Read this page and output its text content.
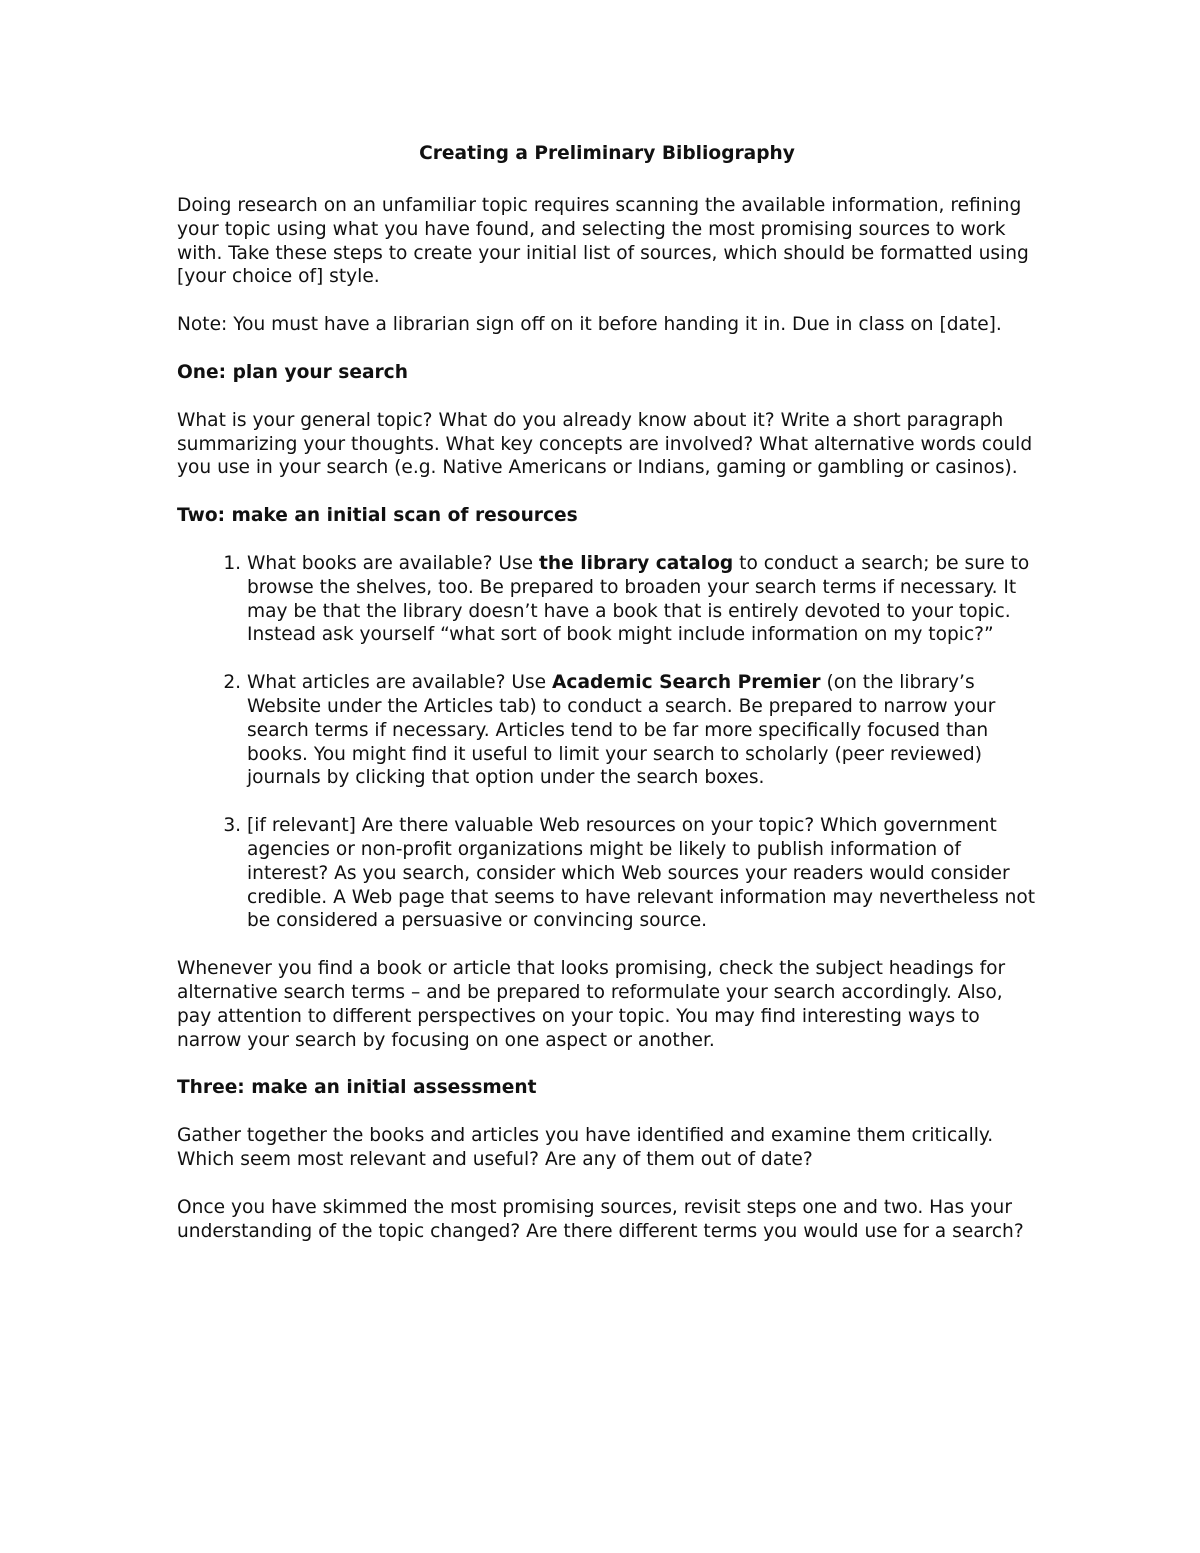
Creating a Preliminary Bibliography

Doing research on an unfamiliar topic requires scanning the available information, refining your topic using what you have found, and selecting the most promising sources to work with. Take these steps to create your initial list of sources, which should be formatted using [your choice of] style.

Note: You must have a librarian sign off on it before handing it in. Due in class on [date].

One: plan your search

What is your general topic? What do you already know about it? Write a short paragraph summarizing your thoughts. What key concepts are involved? What alternative words could you use in your search (e.g. Native Americans or Indians, gaming or gambling or casinos).

Two: make an initial scan of resources
1. What books are available? Use the library catalog to conduct a search; be sure to browse the shelves, too. Be prepared to broaden your search terms if necessary. It may be that the library doesn’t have a book that is entirely devoted to your topic. Instead ask yourself “what sort of book might include information on my topic?”
2. What articles are available? Use Academic Search Premier (on the library’s Website under the Articles tab) to conduct a search. Be prepared to narrow your search terms if necessary. Articles tend to be far more specifically focused than books. You might find it useful to limit your search to scholarly (peer reviewed) journals by clicking that option under the search boxes.
3. [if relevant] Are there valuable Web resources on your topic? Which government agencies or non-profit organizations might be likely to publish information of interest? As you search, consider which Web sources your readers would consider credible. A Web page that seems to have relevant information may nevertheless not be considered a persuasive or convincing source.

Whenever you find a book or article that looks promising, check the subject headings for alternative search terms – and be prepared to reformulate your search accordingly. Also, pay attention to different perspectives on your topic. You may find interesting ways to narrow your search by focusing on one aspect or another.

Three: make an initial assessment

Gather together the books and articles you have identified and examine them critically. Which seem most relevant and useful? Are any of them out of date?

Once you have skimmed the most promising sources, revisit steps one and two. Has your understanding of the topic changed? Are there different terms you would use for a search?
